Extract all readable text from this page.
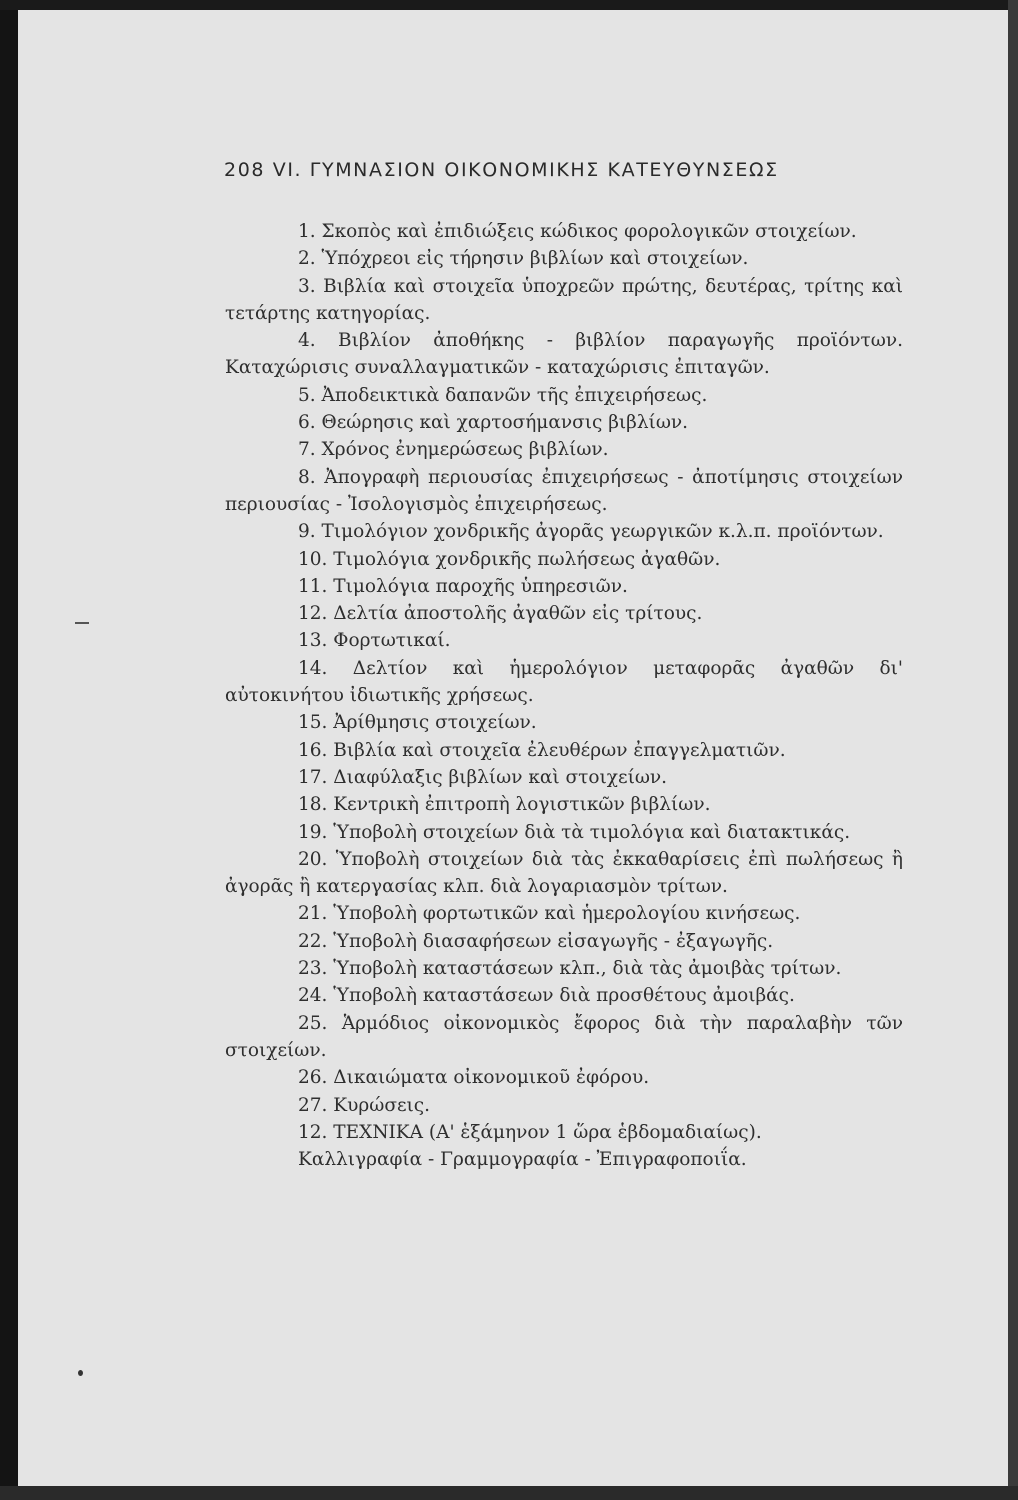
208 VI. ΓΥΜΝΑΣΙΟΝ ΟΙΚΟΝΟΜΙΚΗΣ ΚΑΤΕΥΘΥΝΣΕΩΣ

1. Σκοπὸς καὶ ἐπιδιώξεις κώδικος φορολογικῶν στοιχείων.

2. Ὑπόχρεοι εἰς τήρησιν βιβλίων καὶ στοιχείων.

3. Βιβλία καὶ στοιχεῖα ὑποχρεῶν πρώτης, δευτέρας, τρίτης καὶ τετάρτης κατηγορίας.

4. Βιβλίον ἀποθήκης - βιβλίον παραγωγῆς προϊόντων. Καταχώρισις συναλλαγματικῶν - καταχώρισις ἐπιταγῶν.

5. Ἀποδεικτικὰ δαπανῶν τῆς ἐπιχειρήσεως.

6. Θεώρησις καὶ χαρτοσήμανσις βιβλίων.

7. Χρόνος ἐνημερώσεως βιβλίων.

8. Ἀπογραφὴ περιουσίας ἐπιχειρήσεως - ἀποτίμησις στοιχείων περιουσίας - Ἰσολογισμὸς ἐπιχειρήσεως.

9. Τιμολόγιον χονδρικῆς ἀγορᾶς γεωργικῶν κ.λ.π. προϊόντων.

10. Τιμολόγια χονδρικῆς πωλήσεως ἀγαθῶν.

11. Τιμολόγια παροχῆς ὑπηρεσιῶν.

12. Δελτία ἀποστολῆς ἀγαθῶν εἰς τρίτους.

13. Φορτωτικαί.

14. Δελτίον καὶ ἡμερολόγιον μεταφορᾶς ἀγαθῶν δι' αὐτοκινήτου ἰδιωτικῆς χρήσεως.

15. Ἀρίθμησις στοιχείων.

16. Βιβλία καὶ στοιχεῖα ἐλευθέρων ἐπαγγελματιῶν.

17. Διαφύλαξις βιβλίων καὶ στοιχείων.

18. Κεντρικὴ ἐπιτροπὴ λογιστικῶν βιβλίων.

19. Ὑποβολὴ στοιχείων διὰ τὰ τιμολόγια καὶ διατακτικάς.

20. Ὑποβολὴ στοιχείων διὰ τὰς ἐκκαθαρίσεις ἐπὶ πωλήσεως ἢ ἀγορᾶς ἢ κατεργασίας κλπ. διὰ λογαριασμὸν τρίτων.

21. Ὑποβολὴ φορτωτικῶν καὶ ἡμερολογίου κινήσεως.

22. Ὑποβολὴ διασαφήσεων εἰσαγωγῆς - ἐξαγωγῆς.

23. Ὑποβολὴ καταστάσεων κλπ., διὰ τὰς ἀμοιβὰς τρίτων.

24. Ὑποβολὴ καταστάσεων διὰ προσθέτους ἀμοιβάς.

25. Ἁρμόδιος οἰκονομικὸς ἔφορος διὰ τὴν παραλαβὴν τῶν στοιχείων.

26. Δικαιώματα οἰκονομικοῦ ἐφόρου.

27. Κυρώσεις.

12. ΤΕΧΝΙΚΑ (Α' ἑξάμηνον 1 ὥρα ἑβδομαδιαίως).

Καλλιγραφία - Γραμμογραφία - Ἐπιγραφοποιΐα.
